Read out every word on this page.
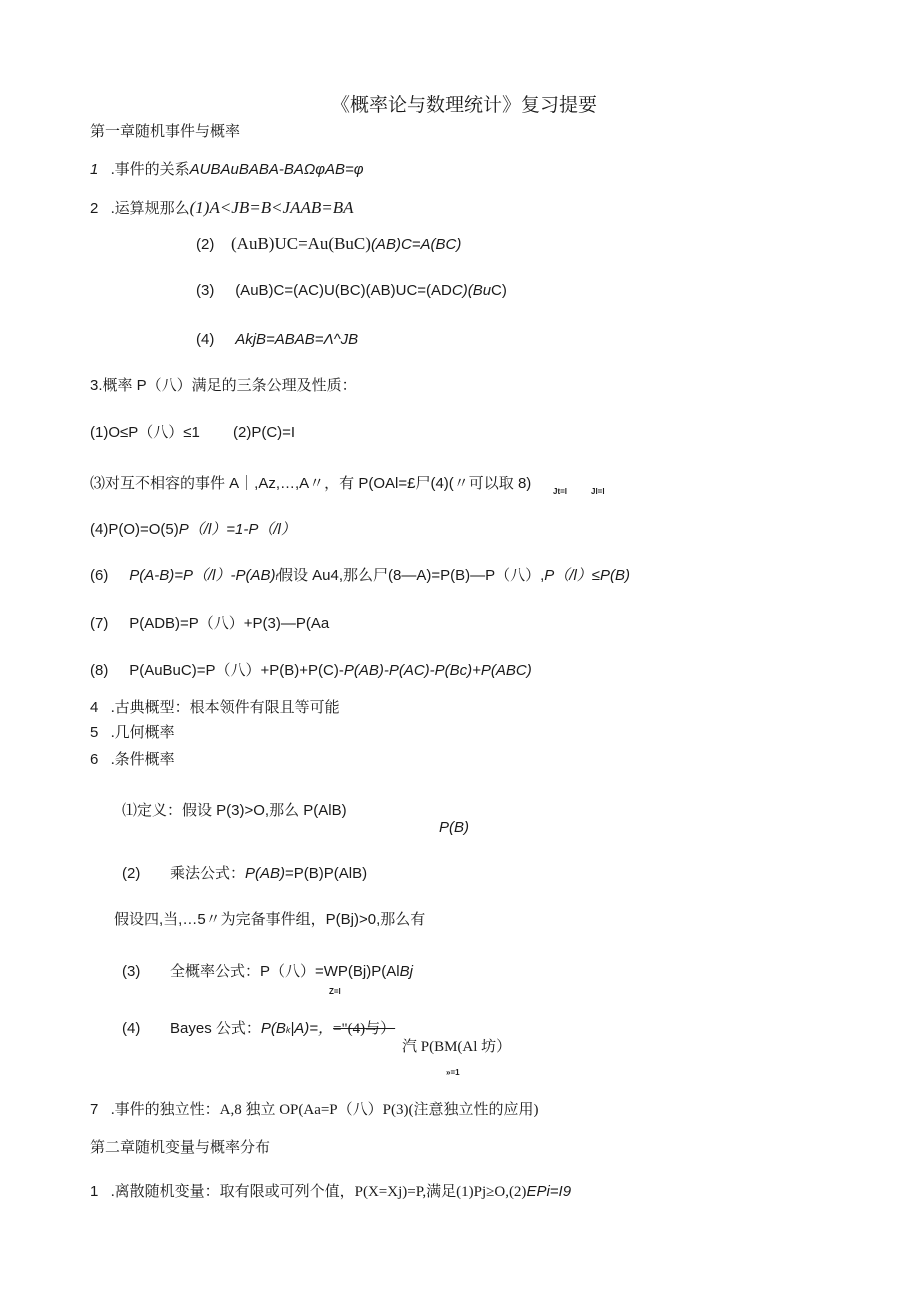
《概率论与数理统计》复习提要
第一章随机事件与概率
1 .事件的关系AUBAuBABA-BAΩφAB=φ
2 .运算规那么(1)A<JB=B<JAAB=BA
(2) (AuB)UC=Au(BuC)(AB)C=A(BC)
(3) (AuB)C=(AC)U(BC)(AB)UC=(ADC)(BuC)
(4) AkjB=ABAB=Λ^JB
3.概率 P（八）满足的三条公理及性质：
(1)O≤P（八）≤1 (2)P(C)=I
⑶对互不相容的事件 A｜,Az,…,A〃，有 P(OAl=£尸(4)(〃可以取 8)	Jt=l	Jl=l
(4)P(O)=O(5)P（/l）=1-P（/l）
(6) P(A-B)=P（/l）-P(AB)f假设 Au4,那么尸(8—A)=P(B)—P（八）,P（/l）≤P(B)
(7) P(ADB)=P（八）+P(3)—P(Aa
(8) P(AuBuC)=P（八）+P(B)+P(C)-P(AB)-P(AC)-P(Bc)+P(ABC)
4 .古典概型：根本领件有限且等可能
5 .几何概率
6 .条件概率
⑴定义：假设 P(3)>O,那么 P(AlB)
P(B)
(2) 乘法公式：P(AB)=P(B)P(AlB)
假设四,当,…5〃为完备事件组，P(Bj)>0,那么有
(3) 全概率公式：P（八）=WP(Bj)P(AlBj
Z=l
(4) Bayes 公式：P(Bk|A)=，="(4)与）
汽 P(BM(Al 坊）
»=1
7 .事件的独立性：A,8 独立 OP(Aa=P（八）P(3)(注意独立性的应用)
第二章随机变量与概率分布
1 .离散随机变量：取有限或可列个值，P(X=Xj)=P,满足(1)Pj≥O,(2)EPi=I9
